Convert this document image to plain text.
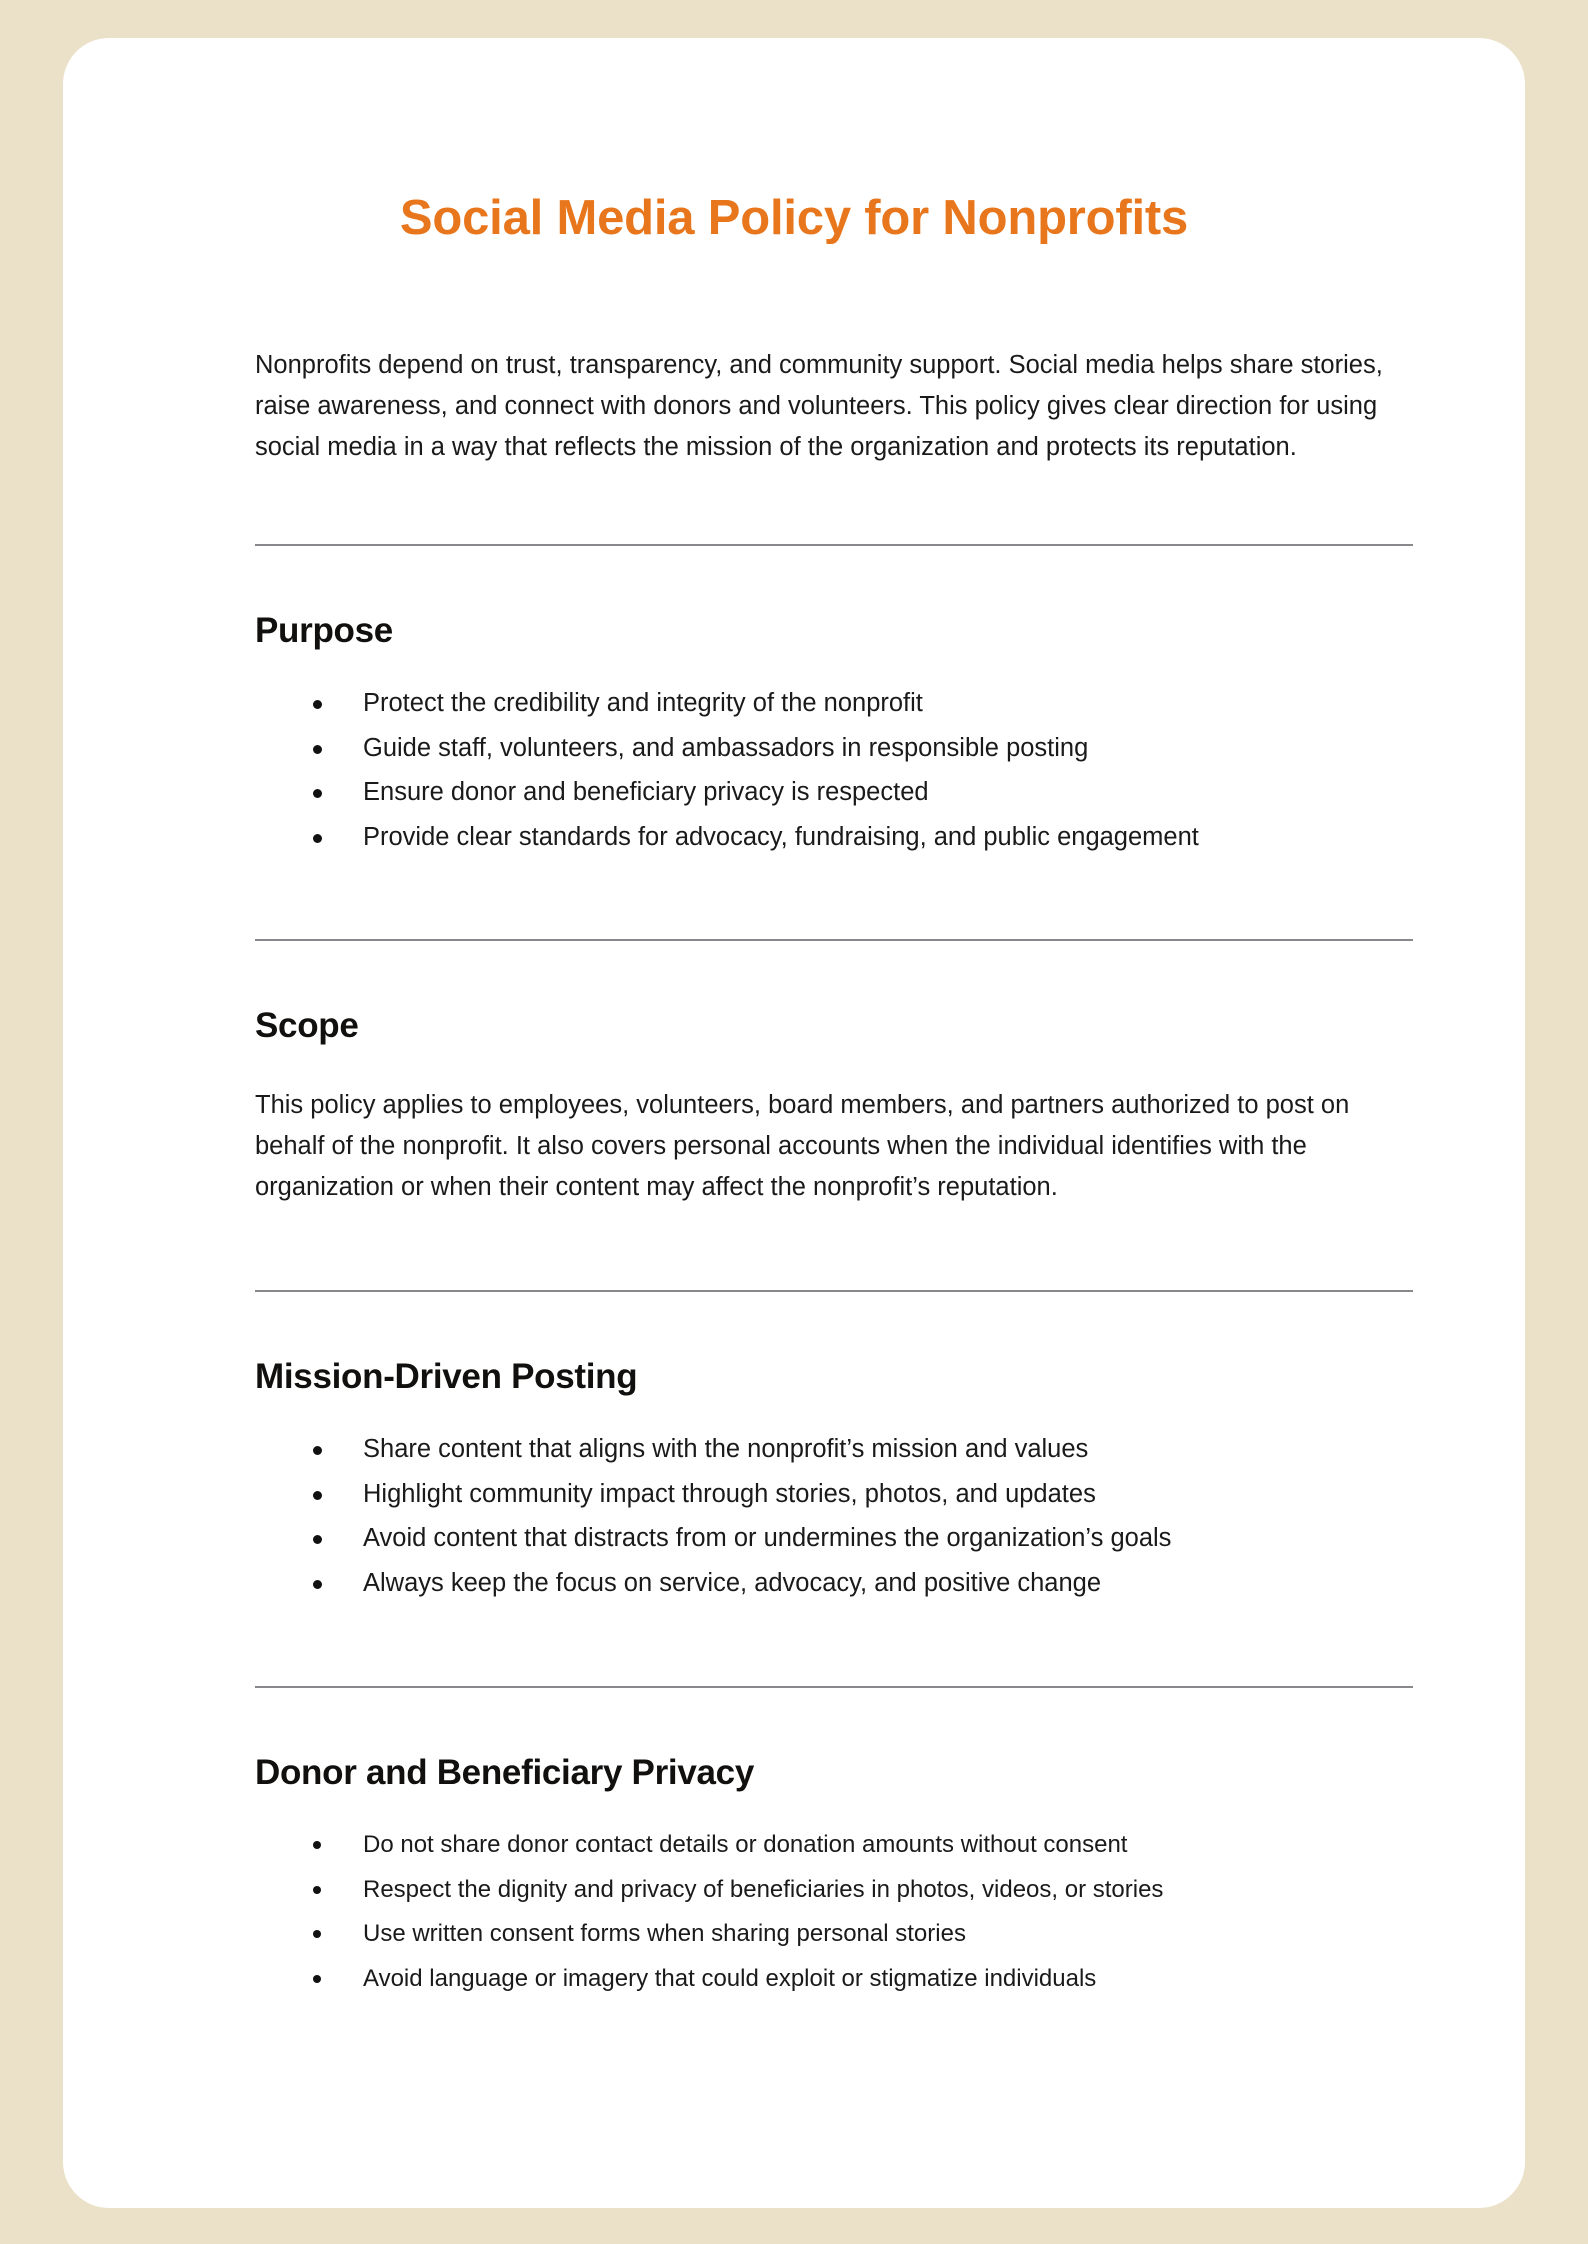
Social Media Policy for Nonprofits

Nonprofits depend on trust, transparency, and community support. Social media helps share stories, raise awareness, and connect with donors and volunteers. This policy gives clear direction for using social media in a way that reflects the mission of the organization and protects its reputation.

Purpose
Protect the credibility and integrity of the nonprofit
Guide staff, volunteers, and ambassadors in responsible posting
Ensure donor and beneficiary privacy is respected
Provide clear standards for advocacy, fundraising, and public engagement
Scope

This policy applies to employees, volunteers, board members, and partners authorized to post on behalf of the nonprofit. It also covers personal accounts when the individual identifies with the organization or when their content may affect the nonprofit’s reputation.

Mission-Driven Posting
Share content that aligns with the nonprofit’s mission and values
Highlight community impact through stories, photos, and updates
Avoid content that distracts from or undermines the organization’s goals
Always keep the focus on service, advocacy, and positive change
Donor and Beneficiary Privacy
Do not share donor contact details or donation amounts without consent
Respect the dignity and privacy of beneficiaries in photos, videos, or stories
Use written consent forms when sharing personal stories
Avoid language or imagery that could exploit or stigmatize individuals
